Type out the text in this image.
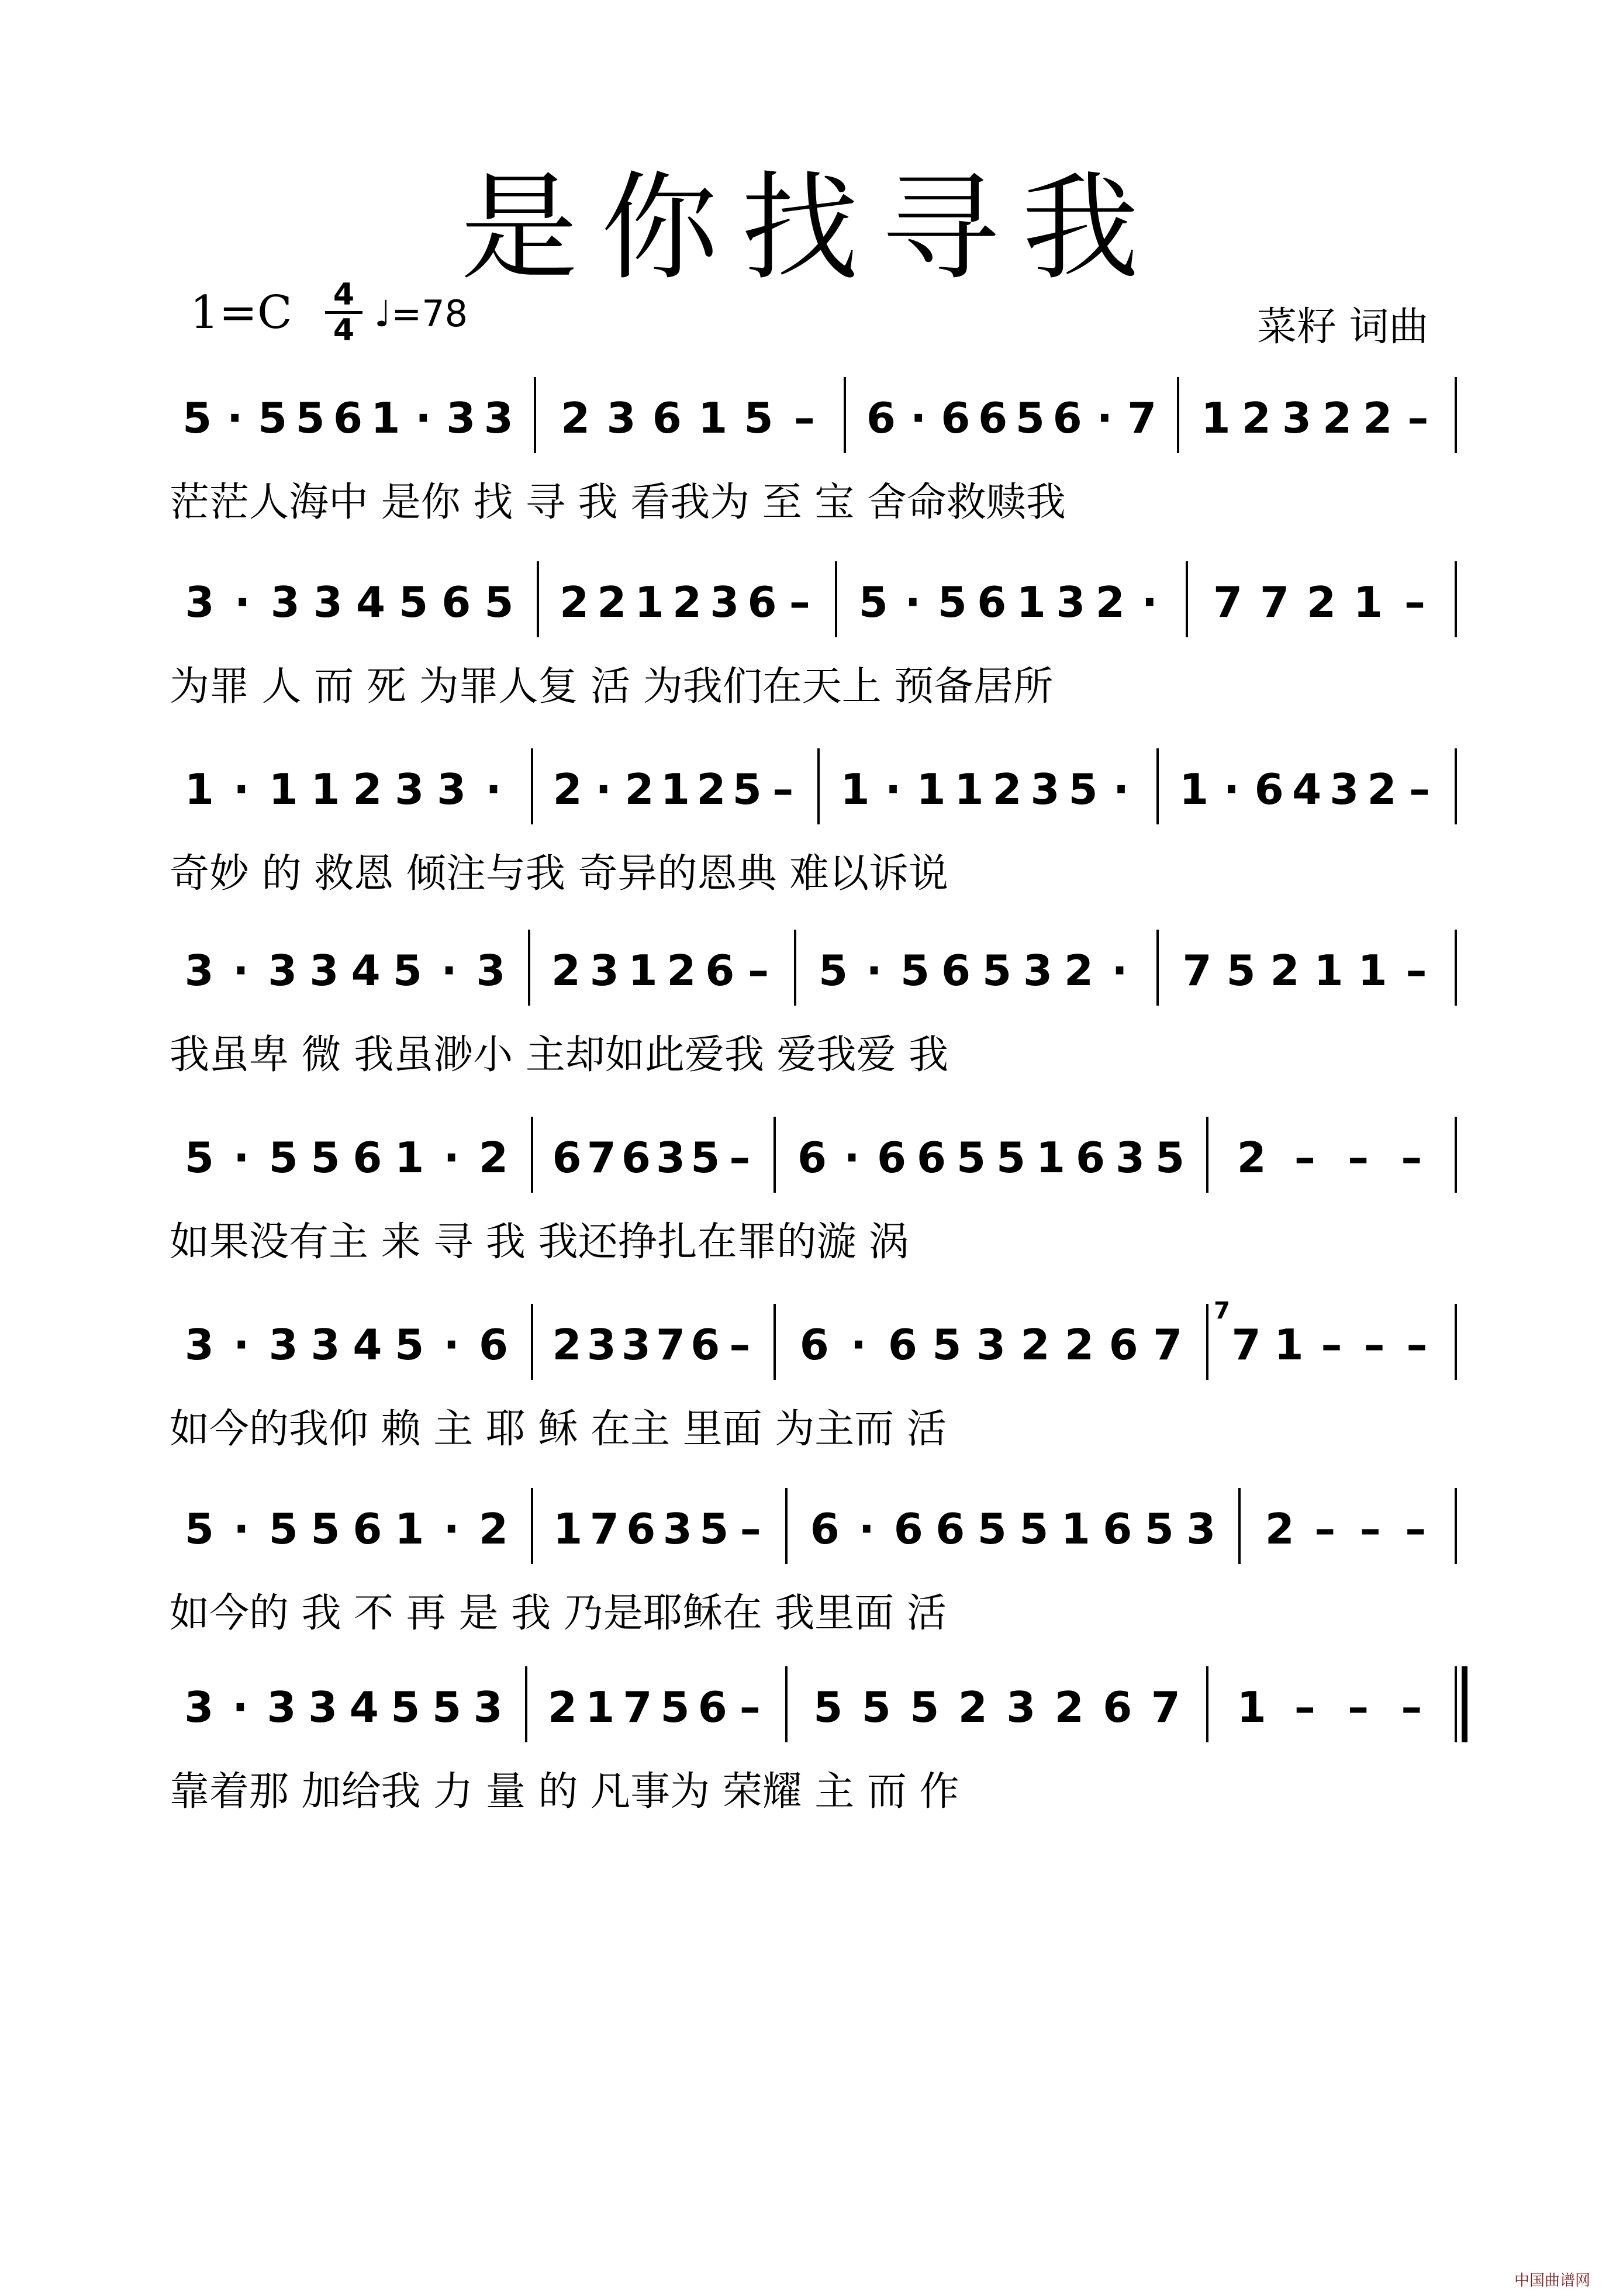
是你找寻我
1=C	4
4 ♩=78	菜籽 词曲
5 · 5 5 6 1 · 3 3 2 3 6 1 5 – 6 · 6 6 5 6 · 7 1 2 3 2 2 –
3 · 3 3 4 5 6 5 2 2 1 2 3 6 – 5 · 5 6 1 3 2 · 7 7 2 1 –
1 · 1 1 2 3 3 · 2 · 2 1 2 5 – 1 · 1 1 2 3 5 · 1 · 6 4 3 2 –
3 · 3 3 4 5 · 3 2 3 1 2 6 – 5 · 5 6 5 3 2 · 7 5 2 1 1 –
5 · 5 5 6 1 · 2 6 7 6 3 5 – 6 · 6 6 5 5 1 6 3 5 2 – – –
3 · 3 3 4 5 · 6 2 3 3 7 6 – 6 · 6 5 3 2 2 6 7 7 1 – – –
5 · 5 5 6 1 · 2 1 7 6 3 5 – 6 · 6 6 5 5 1 6 5 3 2 – – –
3 · 3 3 4 5 5 3 2 1 7 5 6 – 5 5 5 2 3 2 6 7 1 – – –
7
茫茫人海中 是你 找 寻 我 看我为 至 宝 舍命救赎我
为罪 人 而 死 为罪人复 活 为我们在天上 预备居所
奇妙 的 救恩 倾注与我 奇异的恩典 难以诉说
我虽卑 微 我虽渺小 主却如此爱我 爱我爱 我
如果没有主 来 寻 我 我还挣扎在罪的漩 涡
如今的我仰 赖 主 耶 稣 在主 里面 为主而 活
如今的 我 不 再 是 我 乃是耶稣在 我里面 活
靠着那 加给我 力 量 的 凡事为 荣耀 主 而 作
中国曲谱网
